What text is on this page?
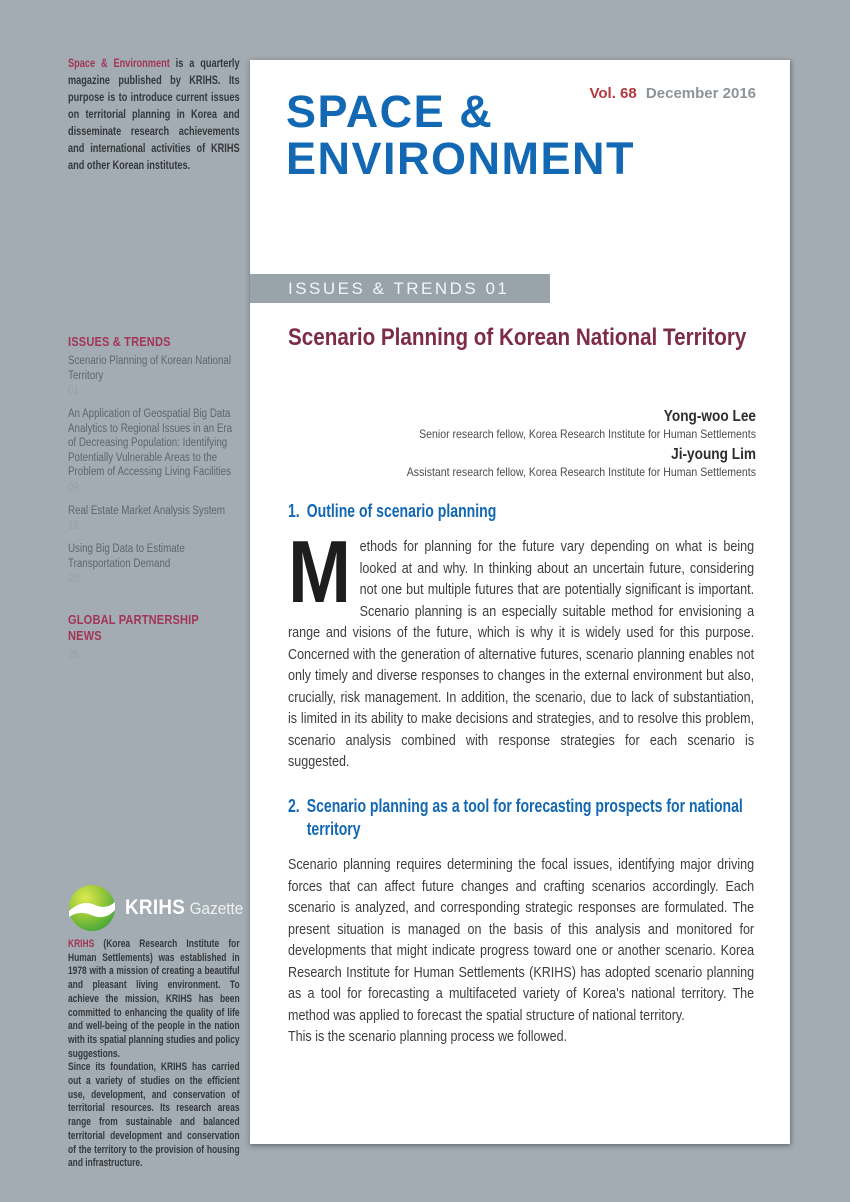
Space & Environment is a quarterly magazine published by KRIHS. Its purpose is to introduce current issues on territorial planning in Korea and disseminate research achievements and international activities of KRIHS and other Korean institutes.
ISSUES & TRENDS
Scenario Planning of Korean National Territory
01
An Application of Geospatial Big Data Analytics to Regional Issues in an Era of Decreasing Population: Identifying Potentially Vulnerable Areas to the Problem of Accessing Living Facilities
09
Real Estate Market Analysis System
16
Using Big Data to Estimate Transportation Demand
20
GLOBAL PARTNERSHIP NEWS
26
KRIHS Gazette
KRIHS (Korea Research Institute for Human Settlements) was established in 1978 with a mission of creating a beautiful and pleasant living environment. To achieve the mission, KRIHS has been committed to enhancing the quality of life and well-being of the people in the nation with its spatial planning studies and policy suggestions.
Since its foundation, KRIHS has carried out a variety of studies on the efficient use, development, and conservation of territorial resources. Its research areas range from sustainable and balanced territorial development and conservation of the territory to the provision of housing and infrastructure.
Vol. 68 December 2016
SPACE &
ENVIRONMENT
ISSUES & TRENDS 01
Scenario Planning of Korean National Territory
Yong-woo Lee
Senior research fellow, Korea Research Institute for Human Settlements
Ji-young Lim
Assistant research fellow, Korea Research Institute for Human Settlements
1. Outline of scenario planning
Methods for planning for the future vary depending on what is being looked at and why. In thinking about an uncertain future, considering not one but multiple futures that are potentially significant is important. Scenario planning is an especially suitable method for envisioning a range and visions of the future, which is why it is widely used for this purpose. Concerned with the generation of alternative futures, scenario planning enables not only timely and diverse responses to changes in the external environment but also, crucially, risk management. In addition, the scenario, due to lack of substantiation, is limited in its ability to make decisions and strategies, and to resolve this problem, scenario analysis combined with response strategies for each scenario is suggested.
2. Scenario planning as a tool for forecasting prospects for national territory
Scenario planning requires determining the focal issues, identifying major driving forces that can affect future changes and crafting scenarios accordingly. Each scenario is analyzed, and corresponding strategic responses are formulated. The present situation is managed on the basis of this analysis and monitored for developments that might indicate progress toward one or another scenario. Korea Research Institute for Human Settlements (KRIHS) has adopted scenario planning as a tool for forecasting a multifaceted variety of Korea's national territory. The method was applied to forecast the spatial structure of national territory.
This is the scenario planning process we followed.
